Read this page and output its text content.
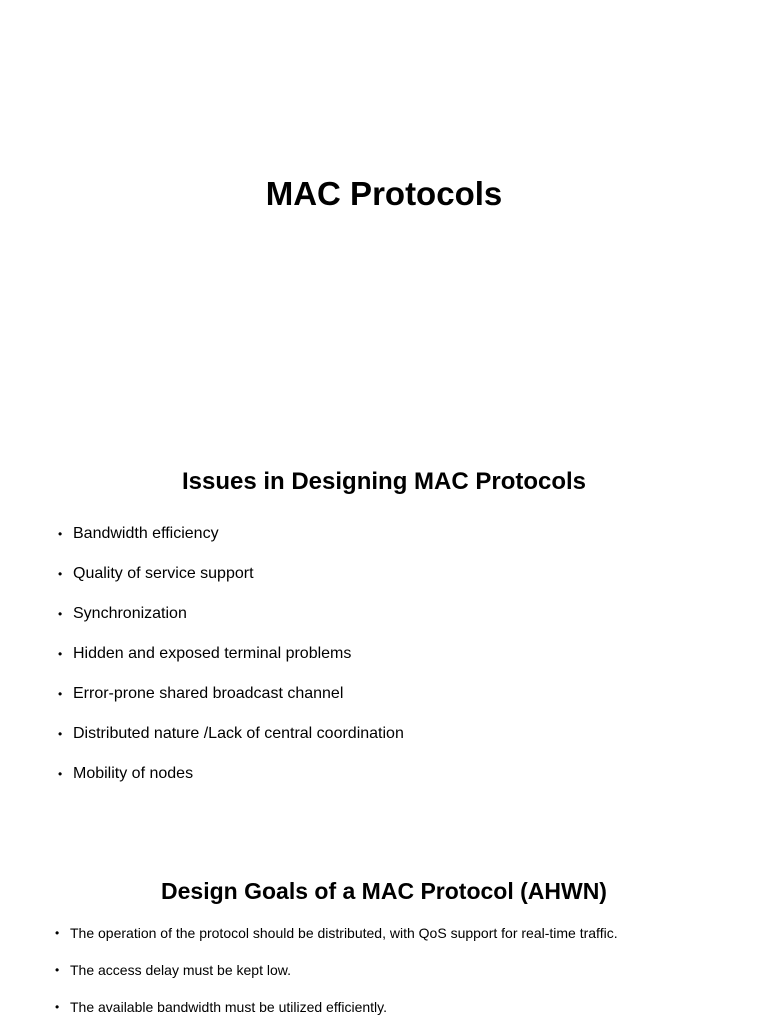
MAC Protocols
Issues in Designing MAC Protocols
• Bandwidth efficiency
• Quality of service support
• Synchronization
• Hidden and exposed terminal problems
• Error-prone shared broadcast channel
• Distributed nature /Lack of central coordination
• Mobility of nodes
Design Goals of a MAC Protocol (AHWN)
• The operation of the protocol should be distributed, with QoS support for real-time traffic.
• The access delay must be kept low.
• The available bandwidth must be utilized efficiently.
